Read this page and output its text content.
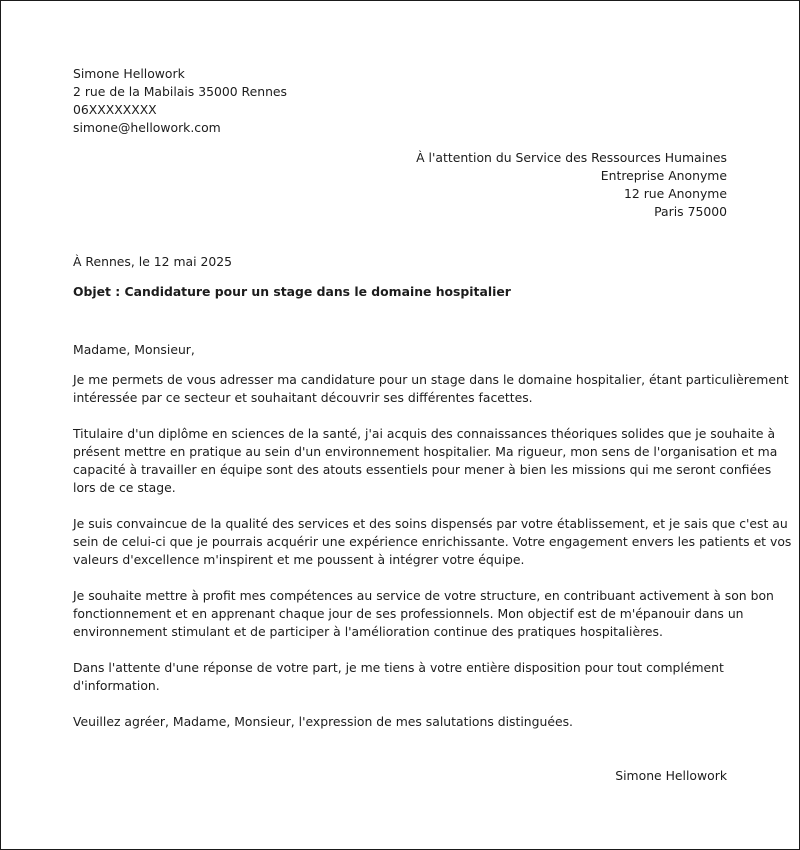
Simone Hellowork
2 rue de la Mabilais 35000 Rennes
06XXXXXXXX
simone@hellowork.com
À l'attention du Service des Ressources Humaines
Entreprise Anonyme
12 rue Anonyme
Paris 75000
À Rennes, le 12 mai 2025
Objet : Candidature pour un stage dans le domaine hospitalier
Madame, Monsieur,
Je me permets de vous adresser ma candidature pour un stage dans le domaine hospitalier, étant particulièrement
intéressée par ce secteur et souhaitant découvrir ses différentes facettes.
Titulaire d'un diplôme en sciences de la santé, j'ai acquis des connaissances théoriques solides que je souhaite à
présent mettre en pratique au sein d'un environnement hospitalier. Ma rigueur, mon sens de l'organisation et ma
capacité à travailler en équipe sont des atouts essentiels pour mener à bien les missions qui me seront confiées
lors de ce stage.
Je suis convaincue de la qualité des services et des soins dispensés par votre établissement, et je sais que c'est au
sein de celui-ci que je pourrais acquérir une expérience enrichissante. Votre engagement envers les patients et vos
valeurs d'excellence m'inspirent et me poussent à intégrer votre équipe.
Je souhaite mettre à profit mes compétences au service de votre structure, en contribuant activement à son bon
fonctionnement et en apprenant chaque jour de ses professionnels. Mon objectif est de m'épanouir dans un
environnement stimulant et de participer à l'amélioration continue des pratiques hospitalières.
Dans l'attente d'une réponse de votre part, je me tiens à votre entière disposition pour tout complément
d'information.
Veuillez agréer, Madame, Monsieur, l'expression de mes salutations distinguées.
Simone Hellowork
